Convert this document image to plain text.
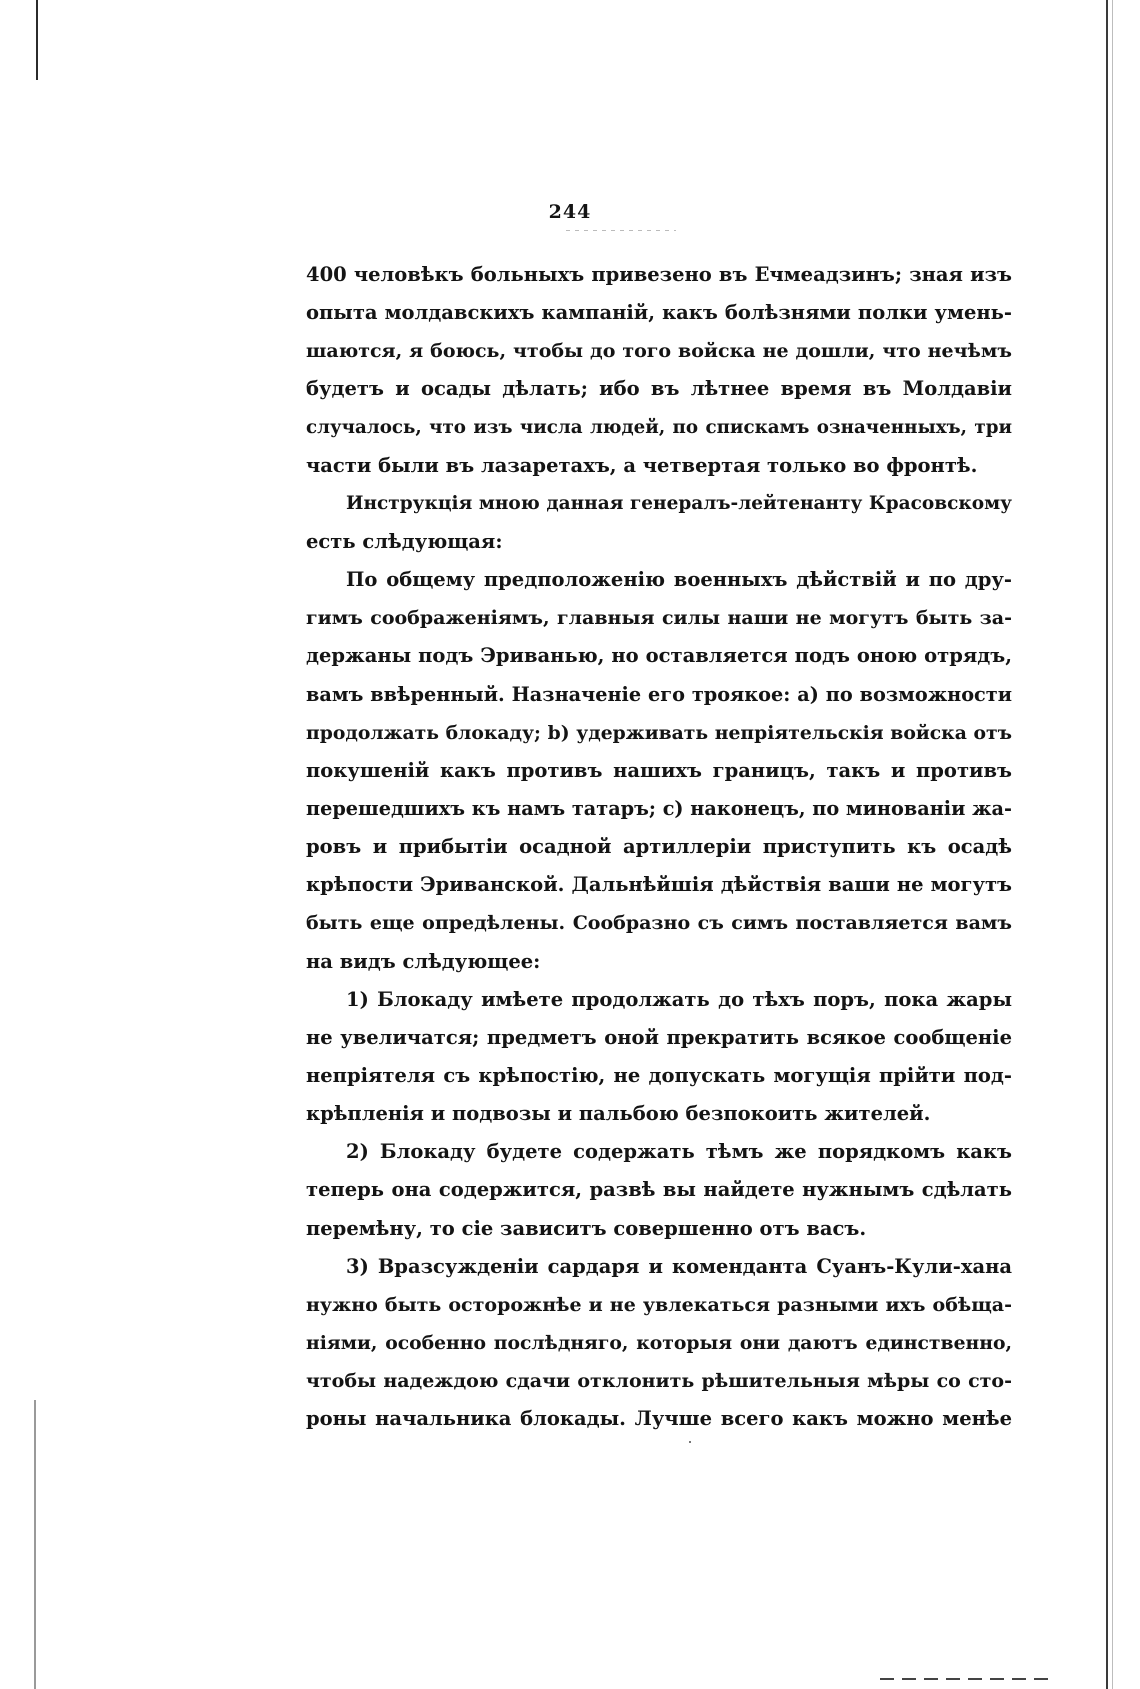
244
400 человѣкъ больныхъ привезено въ Ечмеадзинъ; зная изъ
опыта молдавскихъ кампаній, какъ болѣзнями полки умень-
шаются, я боюсь, чтобы до того войска не дошли, что нечѣмъ
будетъ и осады дѣлать; ибо въ лѣтнее время въ Молдавіи
случалось, что изъ числа людей, по спискамъ означенныхъ, три
части были въ лазаретахъ, а четвертая только во фронтѣ.
Инструкція мною данная генералъ-лейтенанту Красовскому
есть слѣдующая:
По общему предположенію военныхъ дѣйствій и по дру-
гимъ соображеніямъ, главныя силы наши не могутъ быть за-
держаны подъ Эриванью, но оставляется подъ оною отрядъ,
вамъ ввѣренный. Назначеніе его троякое: а) по возможности
продолжать блокаду; b) удерживать непріятельскія войска отъ
покушеній какъ противъ нашихъ границъ, такъ и противъ
перешедшихъ къ намъ татаръ; с) наконецъ, по минованіи жа-
ровъ и прибытіи осадной артиллеріи приступить къ осадѣ
крѣпости Эриванской. Дальнѣйшія дѣйствія ваши не могутъ
быть еще опредѣлены. Сообразно съ симъ поставляется вамъ
на видъ слѣдующее:
1) Блокаду имѣете продолжать до тѣхъ поръ, пока жары
не увеличатся; предметъ оной прекратить всякое сообщеніе
непріятеля съ крѣпостію, не допускать могущія прійти под-
крѣпленія и подвозы и пальбою безпокоить жителей.
2) Блокаду будете содержать тѣмъ же порядкомъ какъ
теперь она содержится, развѣ вы найдете нужнымъ сдѣлать
перемѣну, то сіе зависитъ совершенно отъ васъ.
3) Вразсужденіи сардаря и коменданта Суанъ-Кули-хана
нужно быть осторожнѣе и не увлекаться разными ихъ обѣща-
ніями, особенно послѣдняго, которыя они даютъ единственно,
чтобы надеждою сдачи отклонить рѣшительныя мѣры со сто-
роны начальника блокады. Лучше всего какъ можно менѣе
